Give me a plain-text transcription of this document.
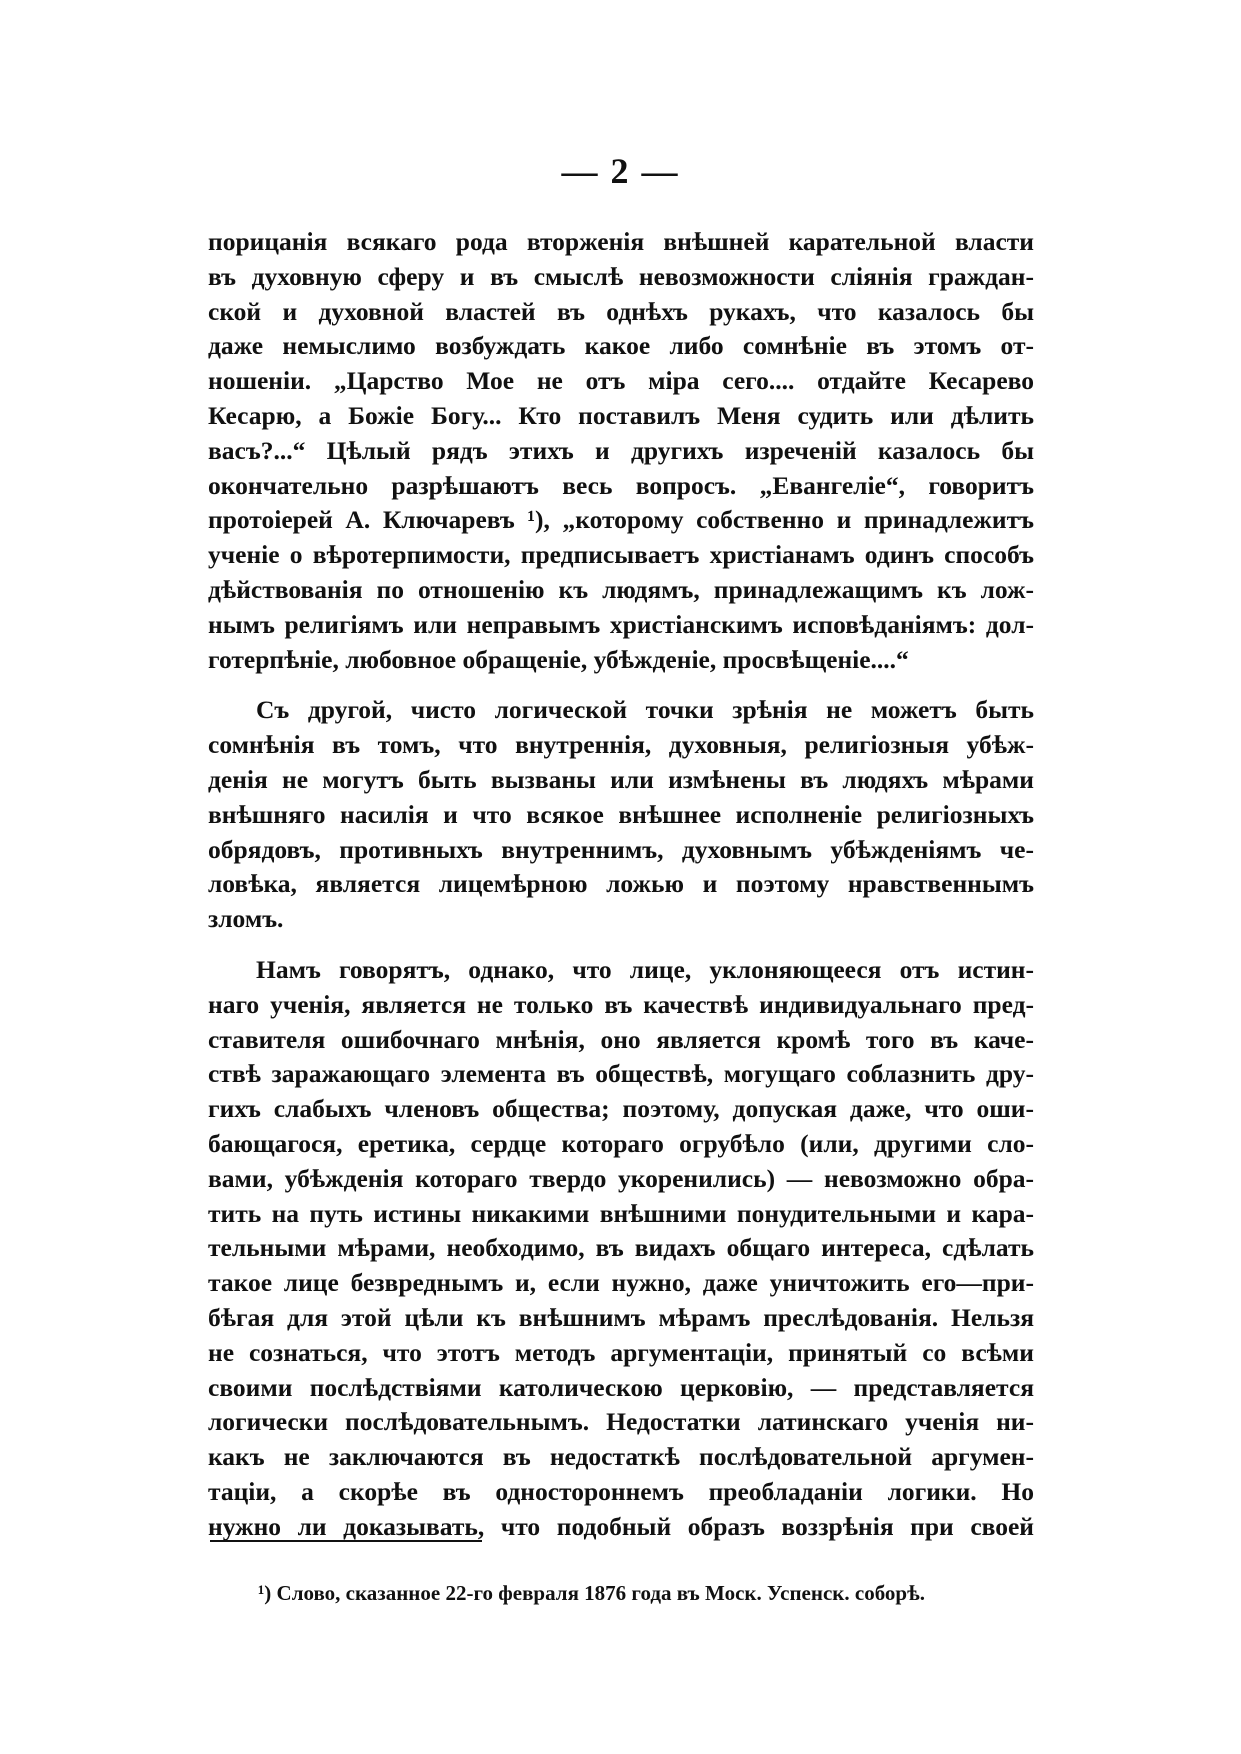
— 2 —
порицанія всякаго рода вторженія внѣшней карательной власти
въ духовную сферу и въ смыслѣ невозможности сліянія граждан-
ской и духовной властей въ однѣхъ рукахъ, что казалось бы
даже немыслимо возбуждать какое либо сомнѣніе въ этомъ от-
ношеніи. „Царство Мое не отъ міра сего.... отдайте Кесарево
Кесарю, а Божіе Богу... Кто поставилъ Меня судить или дѣлить
васъ?...“ Цѣлый рядъ этихъ и другихъ изреченій казалось бы
окончательно разрѣшаютъ весь вопросъ. „Евангеліе“, говоритъ
протоіерей А. Ключаревъ ¹), „которому собственно и принадлежитъ
ученіе о вѣротерпимости, предписываетъ христіанамъ одинъ способъ
дѣйствованія по отношенію къ людямъ, принадлежащимъ къ лож-
нымъ религіямъ или неправымъ христіанскимъ исповѣданіямъ: дол-
готерпѣніе, любовное обращеніе, убѣжденіе, просвѣщеніе....“
Съ другой, чисто логической точки зрѣнія не можетъ быть
сомнѣнія въ томъ, что внутреннія, духовныя, религіозныя убѣж-
денія не могутъ быть вызваны или измѣнены въ людяхъ мѣрами
внѣшняго насилія и что всякое внѣшнее исполненіе религіозныхъ
обрядовъ, противныхъ внутреннимъ, духовнымъ убѣжденіямъ че-
ловѣка, является лицемѣрною ложью и поэтому нравственнымъ
зломъ.
Намъ говорятъ, однако, что лице, уклоняющееся отъ истин-
наго ученія, является не только въ качествѣ индивидуальнаго пред-
ставителя ошибочнаго мнѣнія, оно является кромѣ того въ каче-
ствѣ заражающаго элемента въ обществѣ, могущаго соблазнить дру-
гихъ слабыхъ членовъ общества; поэтому, допуская даже, что оши-
бающагося, еретика, сердце котораго огрубѣло (или, другими сло-
вами, убѣжденія котораго твердо укоренились) — невозможно обра-
тить на путь истины никакими внѣшними понудительными и кара-
тельными мѣрами, необходимо, въ видахъ общаго интереса, сдѣлать
такое лице безвреднымъ и, если нужно, даже уничтожить его—при-
бѣгая для этой цѣли къ внѣшнимъ мѣрамъ преслѣдованія. Нельзя
не сознаться, что этотъ методъ аргументаціи, принятый со всѣми
своими послѣдствіями католическою церковію, — представляется
логически послѣдовательнымъ. Недостатки латинскаго ученія ни-
какъ не заключаются въ недостаткѣ послѣдовательной аргумен-
таціи, а скорѣе въ одностороннемъ преобладаніи логики. Но
нужно ли доказывать, что подобный образъ воззрѣнія при своей
¹) Слово, сказанное 22-го февраля 1876 года въ Моск. Успенск. соборѣ.
